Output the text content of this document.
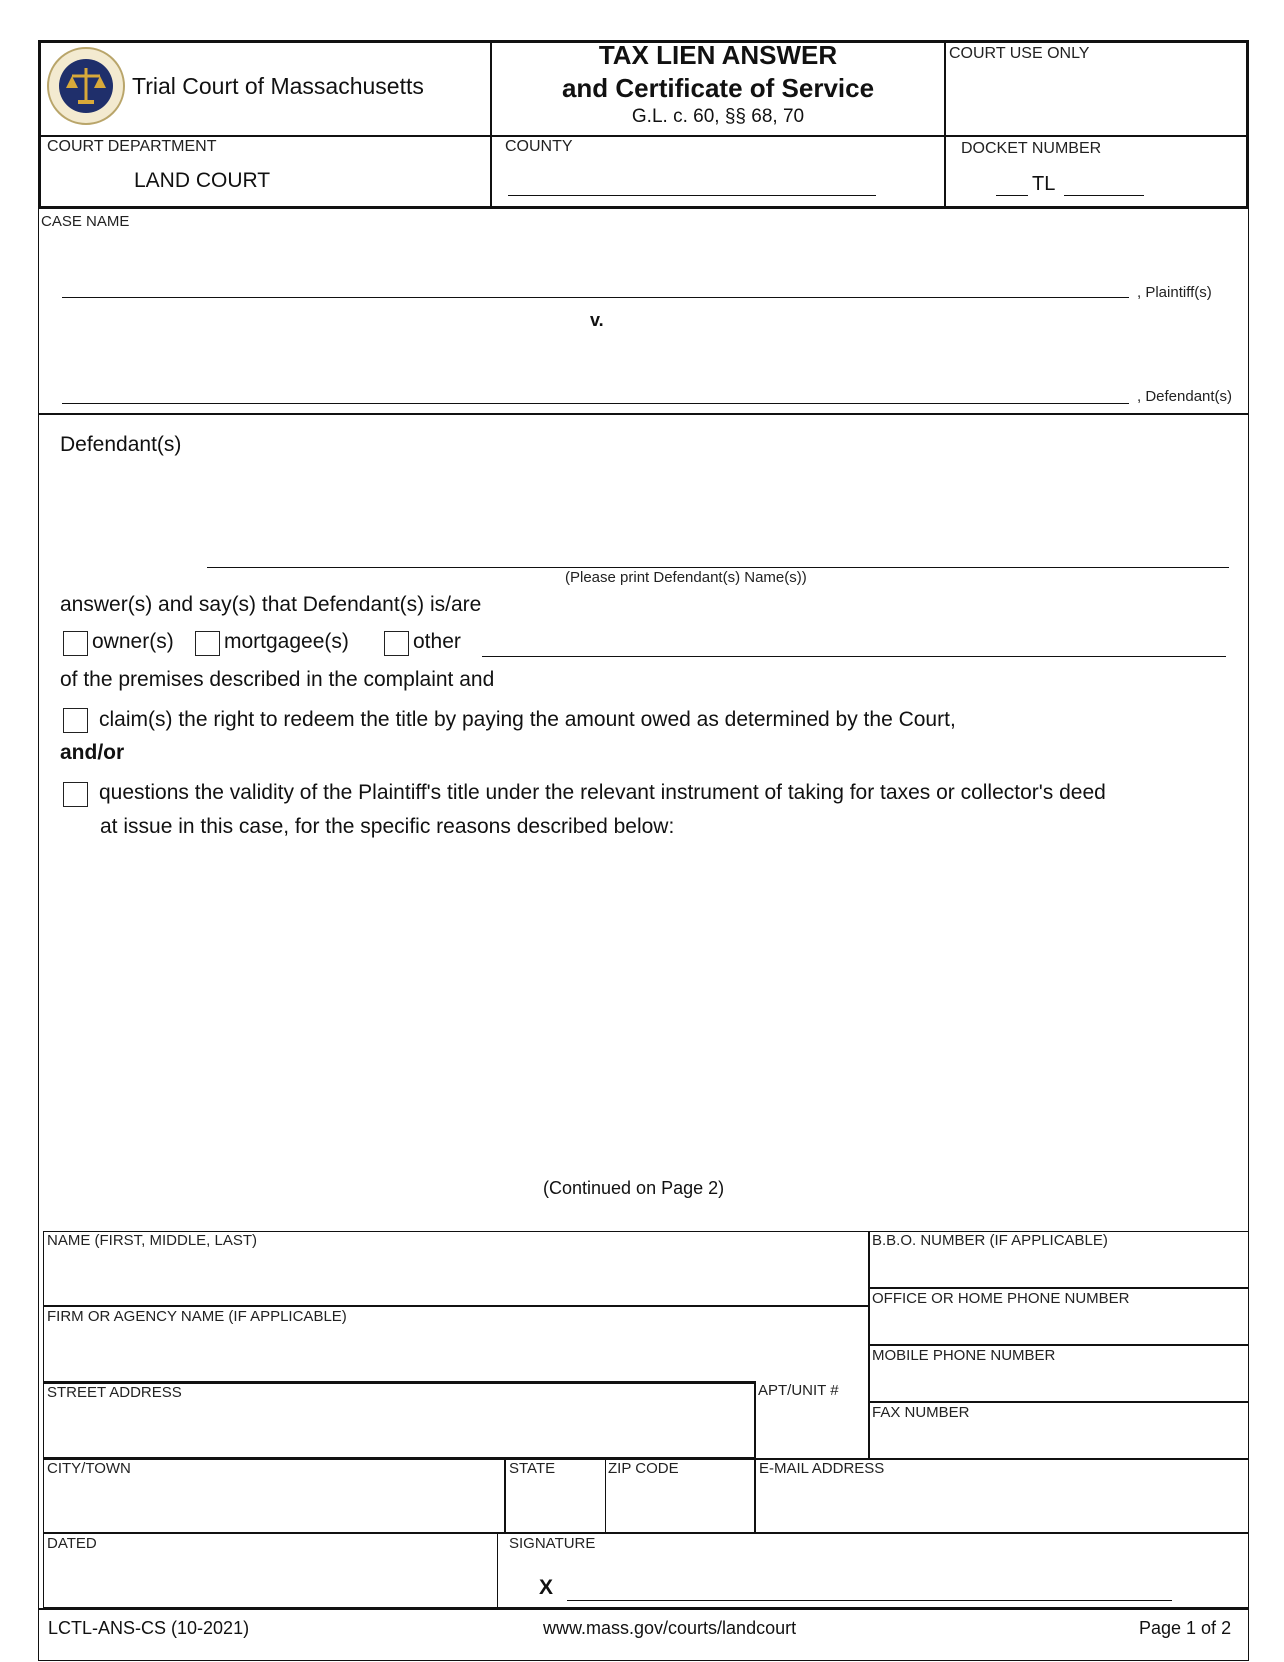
Trial Court of Massachusetts
TAX LIEN ANSWER
and Certificate of Service
G.L. c. 60, §§ 68, 70
COURT USE ONLY
COURT DEPARTMENT
LAND COURT
COUNTY	DOCKET NUMBER
TL
CASE NAME
, Plaintiff(s)
v.
, Defendant(s)
Defendant(s)
(Please print Defendant(s) Name(s))
answer(s) and say(s) that Defendant(s) is/are
owner(s) mortgagee(s)	other
of the premises described in the complaint and
claim(s) the right to redeem the title by paying the amount owed as determined by the Court,
and/or
questions the validity of the Plaintiff's title under the relevant instrument of taking for taxes or collector's deed
at issue in this case, for the specific reasons described below:
(Continued on Page 2)
NAME (FIRST, MIDDLE, LAST)	B.B.O. NUMBER (IF APPLICABLE)
OFFICE OR HOME PHONE NUMBER
FIRM OR AGENCY NAME (IF APPLICABLE)
MOBILE PHONE NUMBER
STREET ADDRESS	APT/UNIT #
FAX NUMBER
CITY/TOWN	STATE	ZIP CODE	E-MAIL ADDRESS
DATED	SIGNATURE
X
LCTL-ANS-CS (10-2021)	www.mass.gov/courts/landcourt	Page 1 of 2
